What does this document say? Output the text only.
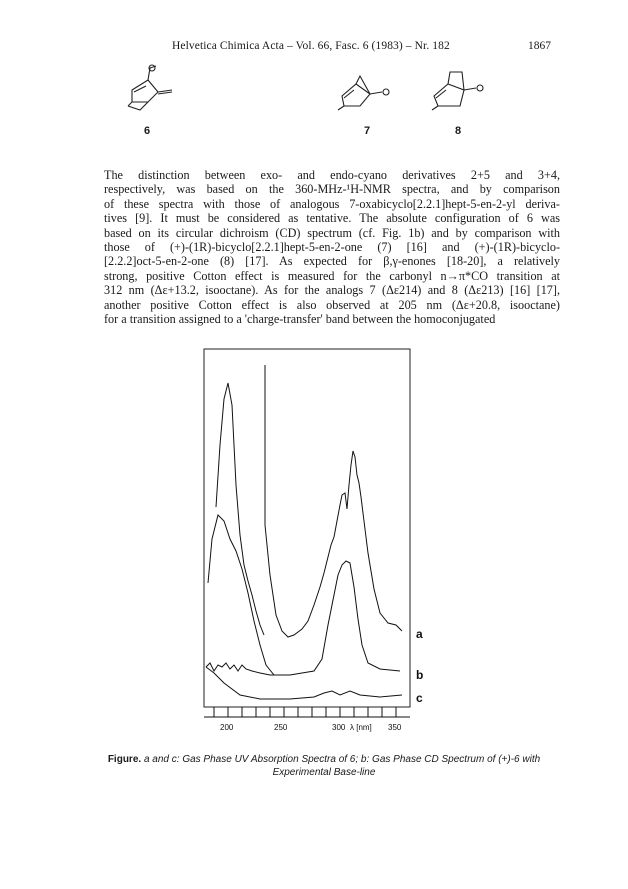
Helvetica Chimica Acta – Vol. 66, Fasc. 6 (1983) – Nr. 182	1867
6	7	8

The distinction between exo- and endo-cyano derivatives 2+5 and 3+4,
respectively, was based on the 360-MHz-¹H-NMR spectra, and by comparison
of these spectra with those of analogous 7-oxabicyclo[2.2.1]hept-5-en-2-yl deriva-
tives [9]. It must be considered as tentative. The absolute configuration of 6 was
based on its circular dichroism (CD) spectrum (cf. Fig. 1b) and by comparison with
those of (+)-(1R)-bicyclo[2.2.1]hept-5-en-2-one (7) [16] and (+)-(1R)-bicyclo-
[2.2.2]oct-5-en-2-one (8) [17]. As expected for β,γ-enones [18-20], a relatively
strong, positive Cotton effect is measured for the carbonyl n→π*CO transition at
312 nm (Δε+13.2, isooctane). As for the analogs 7 (Δε214) and 8 (Δε213) [16] [17],
another positive Cotton effect is also observed at 205 nm (Δε+20.8, isooctane)
for a transition assigned to a 'charge-transfer' band between the homoconjugated

a
b
c
200	250	300 λ [nm] 350
Figure. a and c: Gas Phase UV Absorption Spectra of 6; b: Gas Phase CD Spectrum of (+)-6 with Experimental Base-line
